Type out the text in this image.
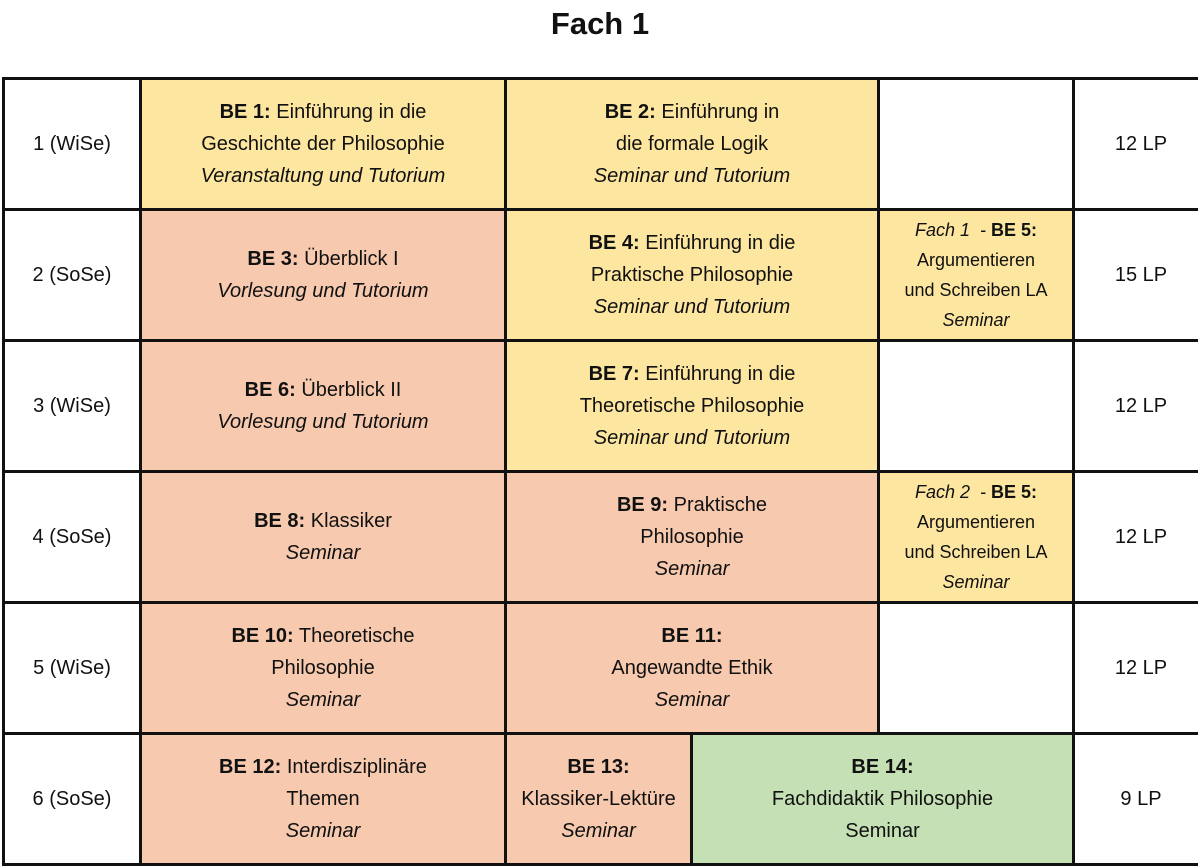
Fach 1
1 (WiSe)
BE 1: Einführung in die
Geschichte der Philosophie
Veranstaltung und Tutorium
BE 2: Einführung in
die formale Logik
Seminar und Tutorium
12 LP
2 (SoSe)
BE 3: Überblick I
Vorlesung und Tutorium
BE 4: Einführung in die
Praktische Philosophie
Seminar und Tutorium
Fach 1  - BE 5:
Argumentieren
und Schreiben LA
Seminar
15 LP
3 (WiSe)
BE 6: Überblick II
Vorlesung und Tutorium
BE 7: Einführung in die
Theoretische Philosophie
Seminar und Tutorium
12 LP
4 (SoSe)
BE 8: Klassiker
Seminar
BE 9: Praktische
Philosophie
Seminar
Fach 2  - BE 5:
Argumentieren
und Schreiben LA
Seminar
12 LP
5 (WiSe)
BE 10: Theoretische
Philosophie
Seminar
BE 11:
Angewandte Ethik
Seminar
12 LP
6 (SoSe)
BE 12: Interdisziplinäre
Themen
Seminar
BE 13:
Klassiker-Lektüre
Seminar
BE 14:
Fachdidaktik Philosophie
Seminar
9 LP
